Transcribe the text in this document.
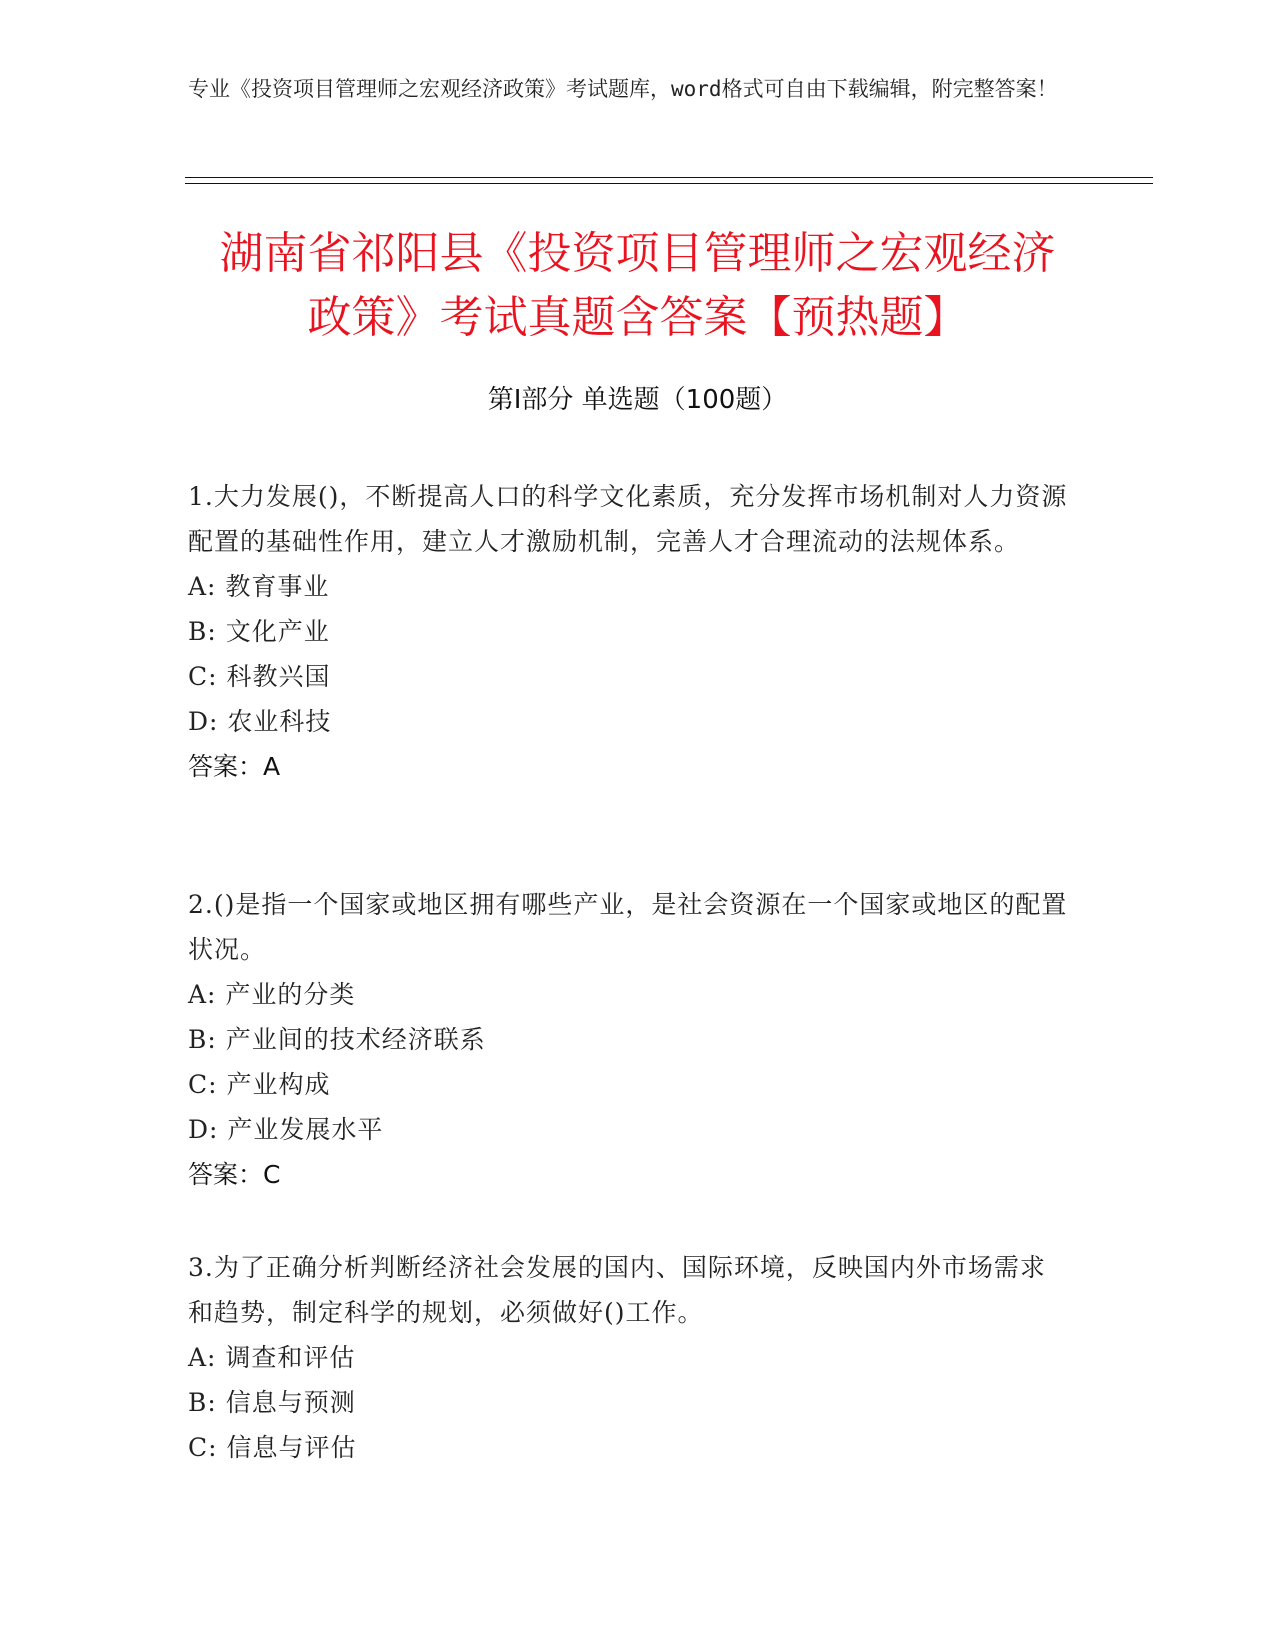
专业《投资项目管理师之宏观经济政策》考试题库，word格式可自由下载编辑，附完整答案！
湖南省祁阳县《投资项目管理师之宏观经济
政策》考试真题含答案【预热题】
第Ⅰ部分 单选题（100题）
1.大力发展()，不断提高人口的科学文化素质，充分发挥市场机制对人力资源配置的基础性作用，建立人才激励机制，完善人才合理流动的法规体系。
A: 教育事业
B: 文化产业
C: 科教兴国
D: 农业科技
答案：A
2.()是指一个国家或地区拥有哪些产业，是社会资源在一个国家或地区的配置状况。
A: 产业的分类
B: 产业间的技术经济联系
C: 产业构成
D: 产业发展水平
答案：C
3.为了正确分析判断经济社会发展的国内、国际环境，反映国内外市场需求和趋势，制定科学的规划，必须做好()工作。
A: 调查和评估
B: 信息与预测
C: 信息与评估
